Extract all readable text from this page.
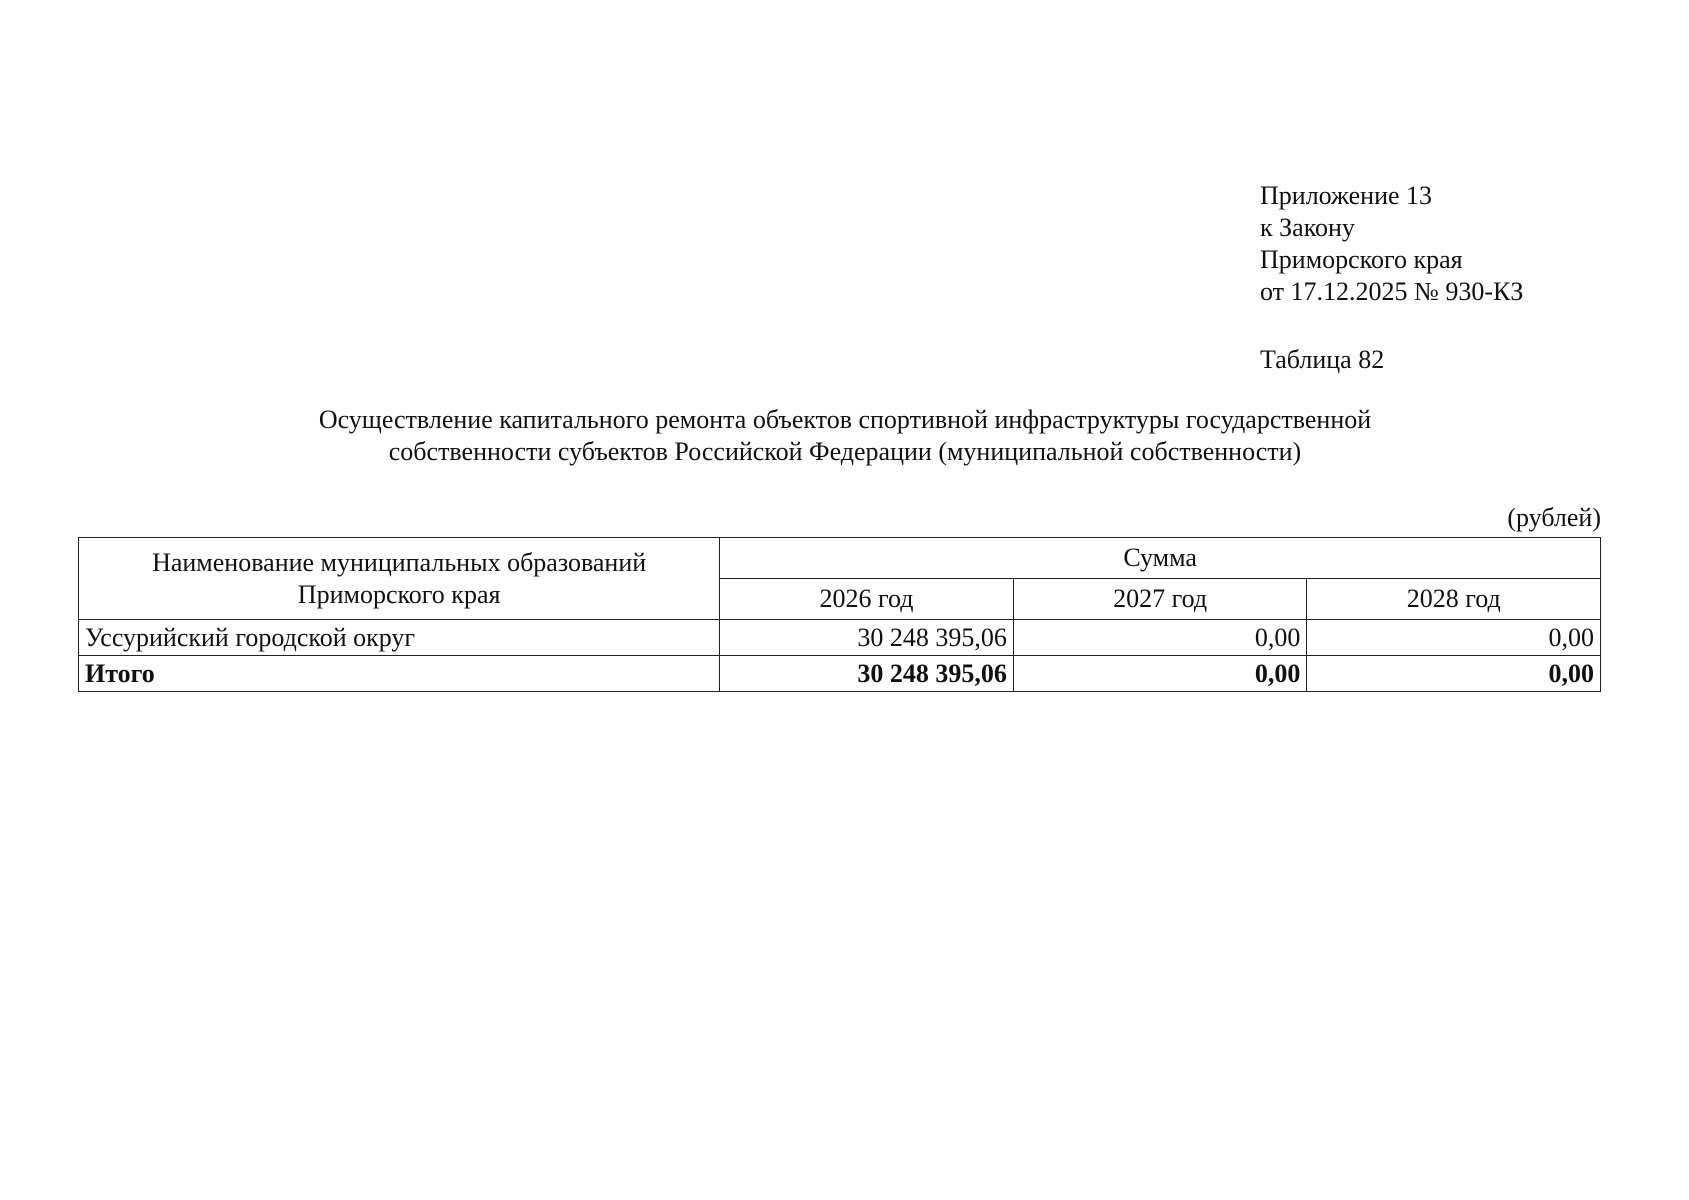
Приложение 13
к Закону
Приморского края
от 17.12.2025 № 930-КЗ
Таблица 82
Осуществление капитального ремонта объектов спортивной инфраструктуры государственной
собственности субъектов Российской Федерации (муниципальной собственности)
(рублей)
Наименование муниципальных образований
Приморского края	Сумма		
	2026 год	2027 год	2028 год
Уссурийский городской округ	30 248 395,06	0,00	0,00
Итого	30 248 395,06	0,00	0,00
